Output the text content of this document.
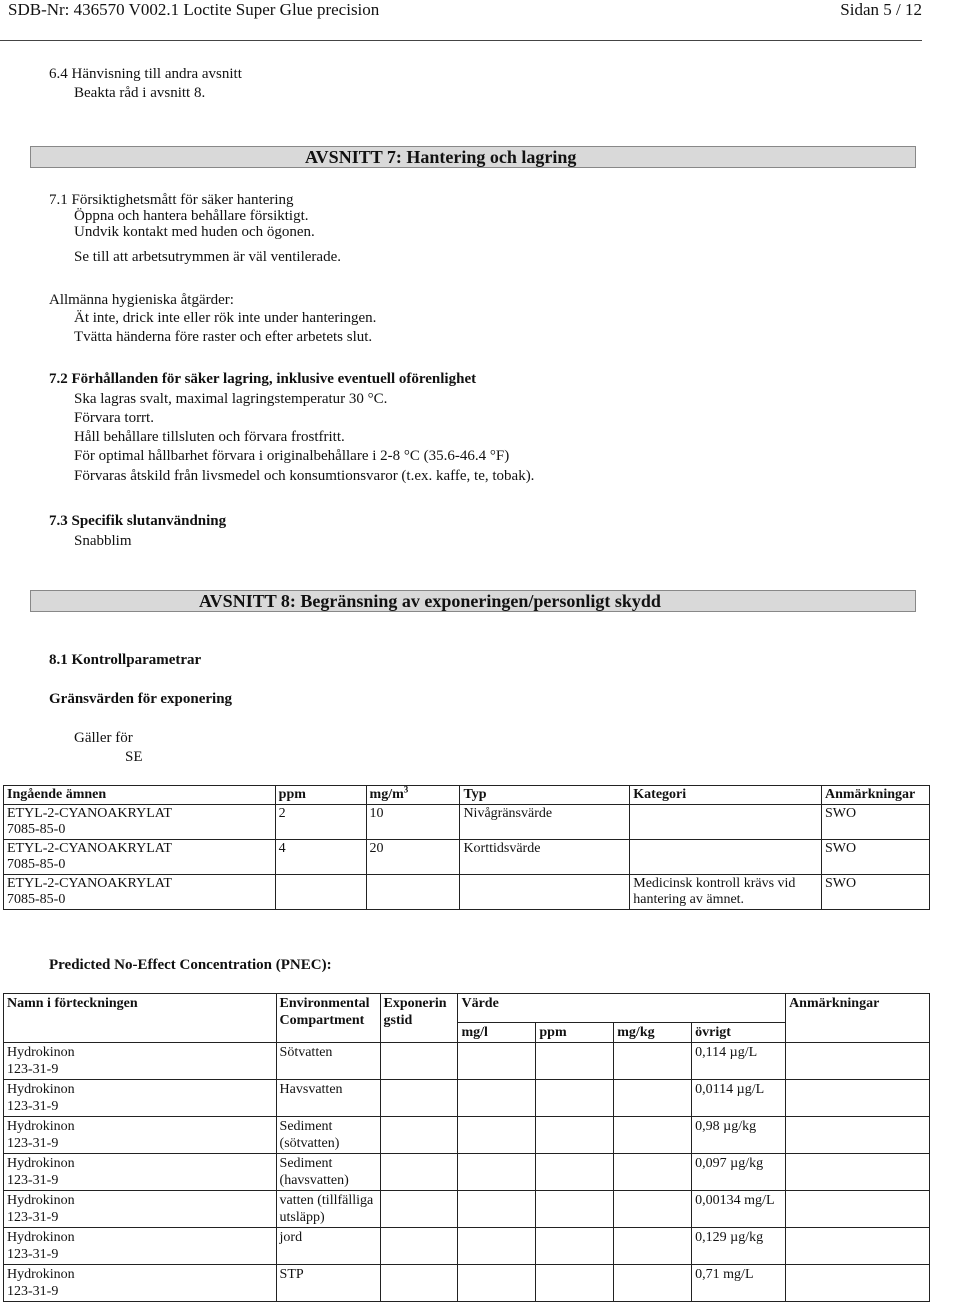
SDB-Nr: 436570 V002.1 Loctite Super Glue precision	Sidan 5 / 12
6.4 Hänvisning till andra avsnitt
Beakta råd i avsnitt 8.
AVSNITT 7: Hantering och lagring
7.1 Försiktighetsmått för säker hantering
Öppna och hantera behållare försiktigt.
Undvik kontakt med huden och ögonen.
Se till att arbetsutrymmen är väl ventilerade.
Allmänna hygieniska åtgärder:
Ät inte, drick inte eller rök inte under hanteringen.
Tvätta händerna före raster och efter arbetets slut.
7.2 Förhållanden för säker lagring, inklusive eventuell oförenlighet
Ska lagras svalt, maximal lagringstemperatur 30 °C.
Förvara torrt.
Håll behållare tillsluten och förvara frostfritt.
För optimal hållbarhet förvara i originalbehållare i 2-8 °C (35.6-46.4 °F)
Förvaras åtskild från livsmedel och konsumtionsvaror (t.ex. kaffe, te, tobak).
7.3 Specifik slutanvändning
Snabblim
AVSNITT 8: Begränsning av exponeringen/personligt skydd
8.1 Kontrollparametrar
Gränsvärden för exponering
Gäller för
SE
Ingående ämnen	ppm	$mg/m^3$	Typ	Kategori	Anmärkningar

ETYL-2-CYANOAKRYLAT
7085-85-0	2	10	Nivågränsvärde		SWO

ETYL-2-CYANOAKRYLAT
7085-85-0	4	20	Korttidsvärde		SWO

ETYL-2-CYANOAKRYLAT
7085-85-0				Medicinsk kontroll krävs vid hantering av ämnet.	SWO
Predicted No-Effect Concentration (PNEC):
Namn i förteckningen	Environmental Compartment	Exponerin gstid	Värde				Anmärkningar
			mg/l	ppm	mg/kg	övrigt	

Hydrokinon
123-31-9	Sötvatten					0,114 µg/L	

Hydrokinon
123-31-9	Havsvatten					0,0114 µg/L	

Hydrokinon
123-31-9	Sediment (sötvatten)					0,98 µg/kg	

Hydrokinon
123-31-9	Sediment (havsvatten)					0,097 µg/kg	

Hydrokinon
123-31-9	vatten (tillfälliga utsläpp)					0,00134 mg/L	

Hydrokinon
123-31-9	jord					0,129 µg/kg	

Hydrokinon
123-31-9	STP					0,71 mg/L	
